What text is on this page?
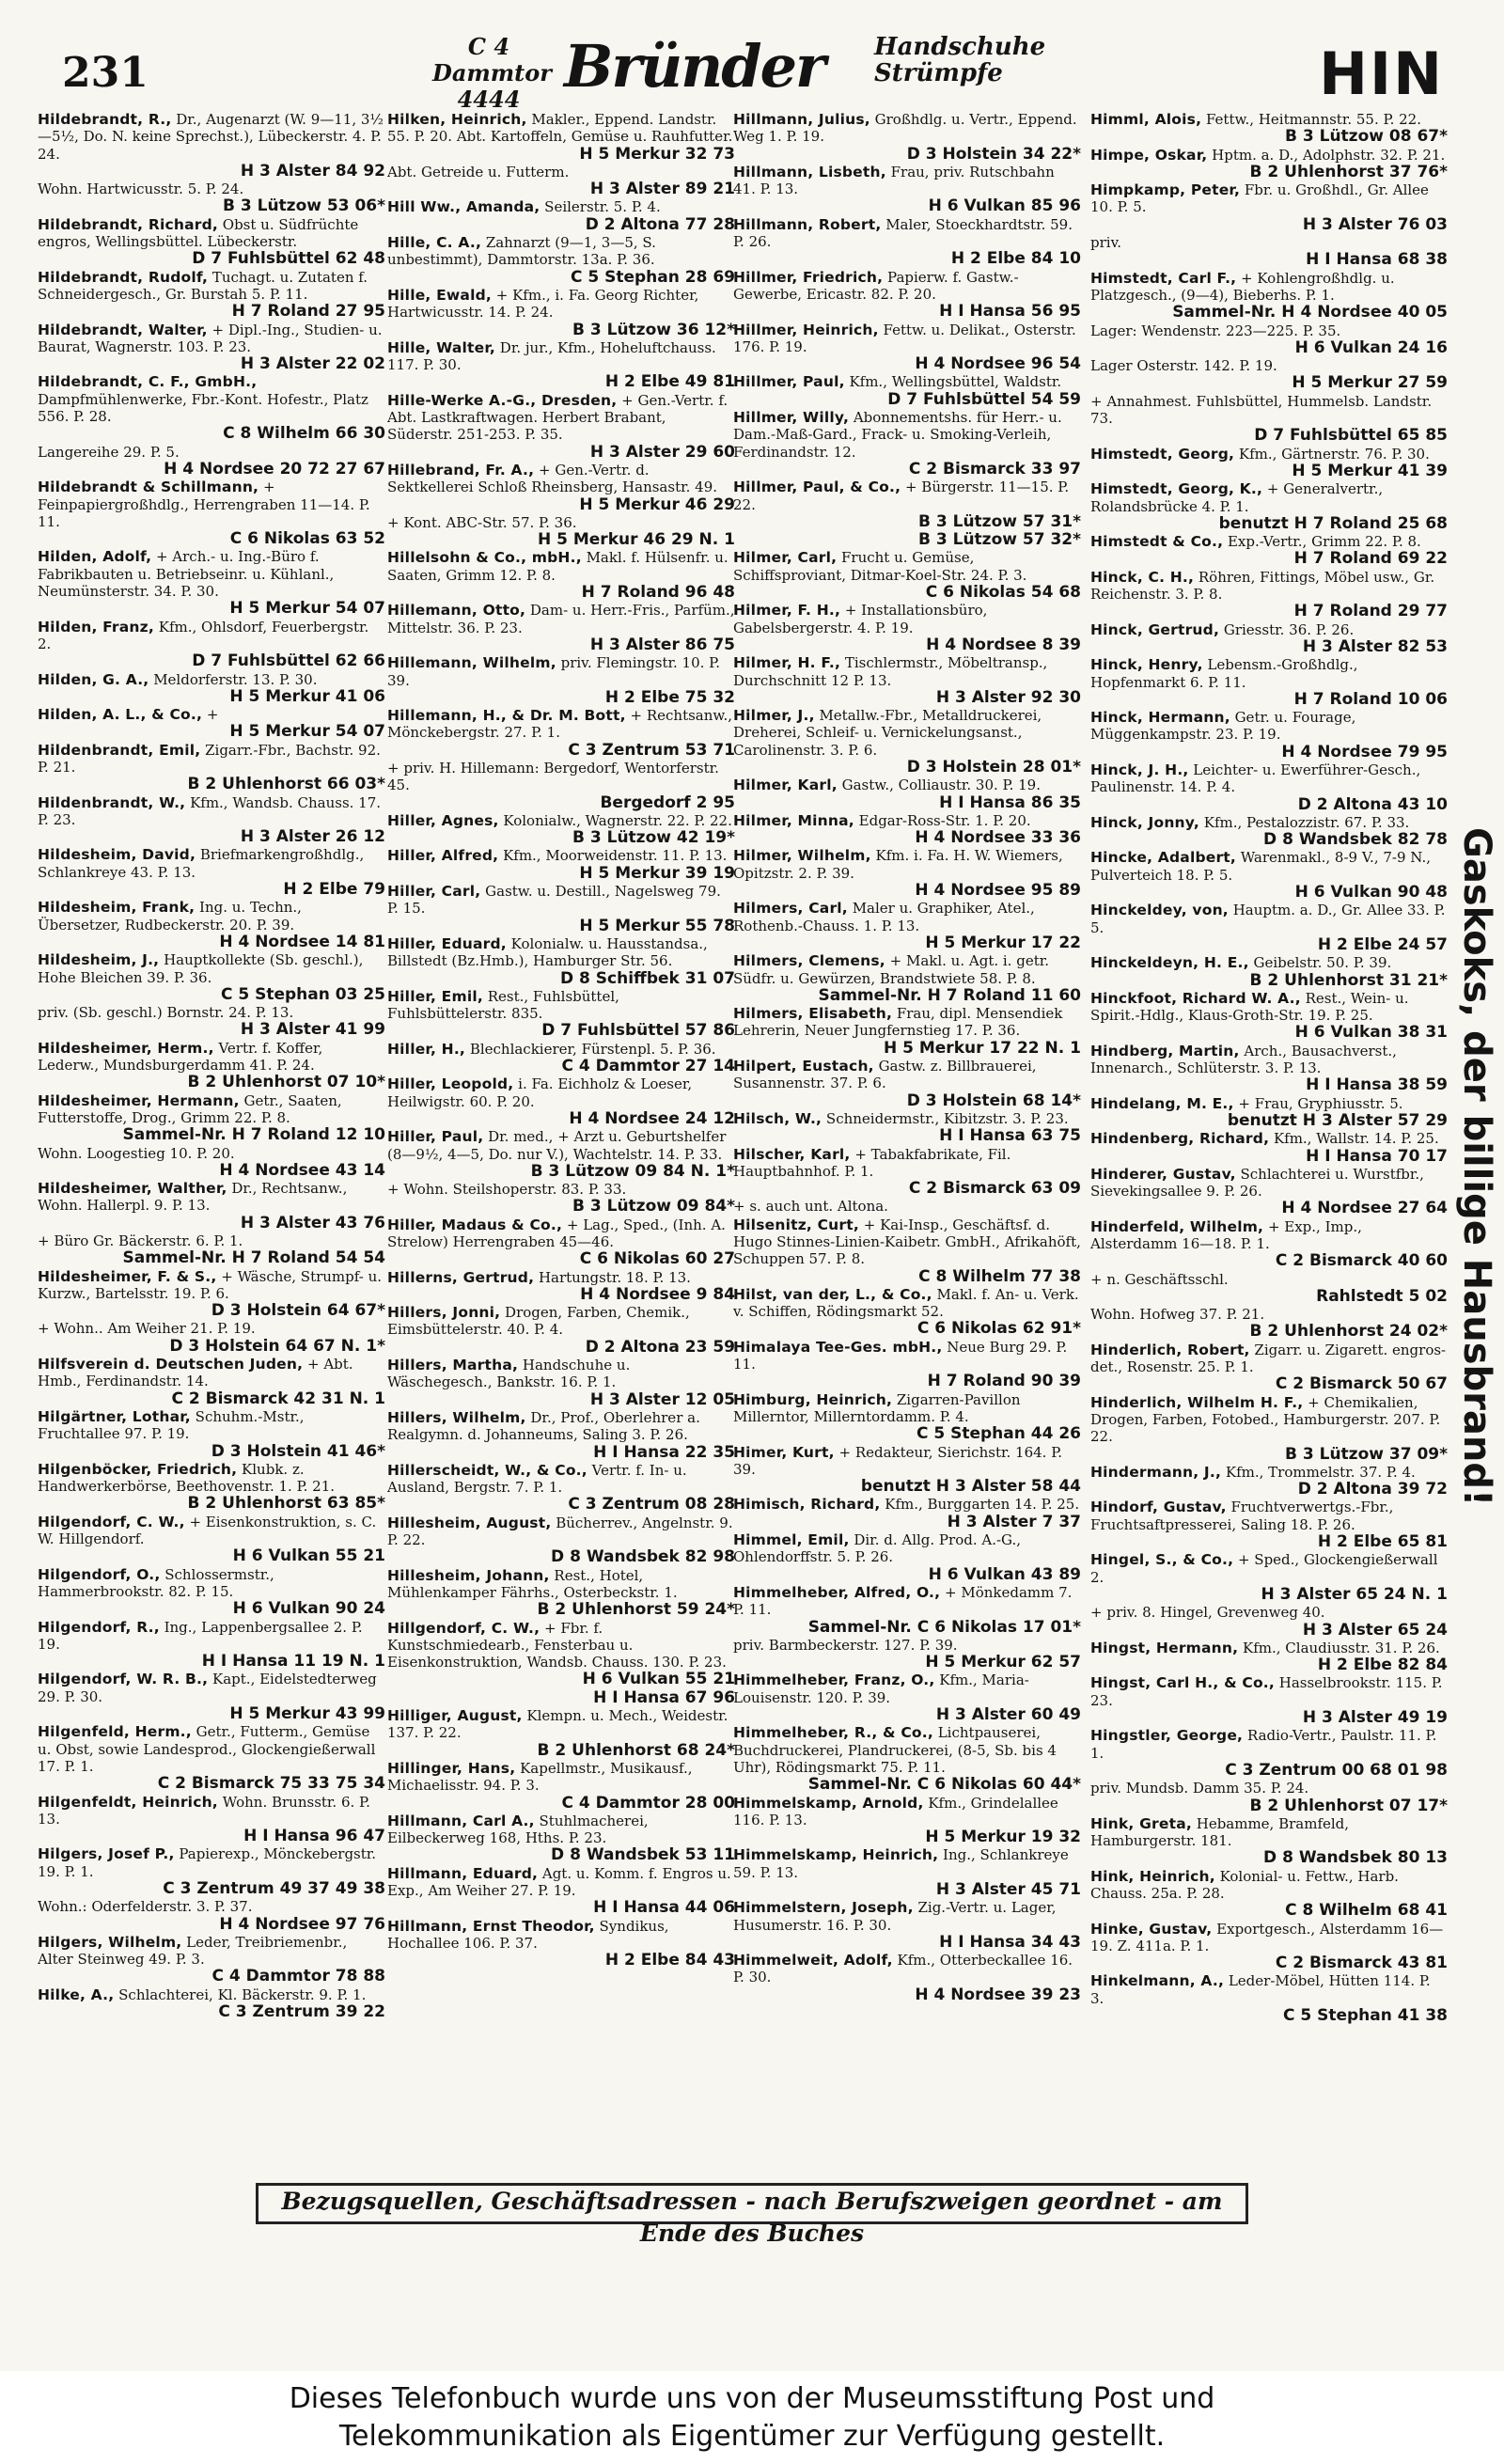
231
C 4 Dammtor
4444 Bründer Handschuhe
Strümpfe	HIN
Hildebrandt, R., Dr., Augenarzt (W. 9—11, 3½—5½, Do. N. keine Sprechst.), Lübeckerstr. 4. P. 24.
H 3 Alster 84 92
Wohn. Hartwicusstr. 5. P. 24.
B 3 Lützow 53 06*
Hildebrandt, Richard, Obst u. Südfrüchte engros, Wellingsbüttel. Lübeckerstr.
D 7 Fuhlsbüttel 62 48
Hildebrandt, Rudolf, Tuchagt. u. Zutaten f. Schneidergesch., Gr. Burstah 5. P. 11.
H 7 Roland 27 95
Hildebrandt, Walter, + Dipl.-Ing., Studien- u. Baurat, Wagnerstr. 103. P. 23.
H 3 Alster 22 02
Hildebrandt, C. F., GmbH., Dampfmühlenwerke, Fbr.-Kont. Hofestr., Platz 556. P. 28.
C 8 Wilhelm 66 30
Langereihe 29. P. 5.
H 4 Nordsee 20 72 27 67
Hildebrandt & Schillmann, + Feinpapiergroßhdlg., Herrengraben 11—14. P. 11.
C 6 Nikolas 63 52
Hilden, Adolf, + Arch.- u. Ing.-Büro f. Fabrikbauten u. Betriebseinr. u. Kühlanl., Neumünsterstr. 34. P. 30.
H 5 Merkur 54 07
Hilden, Franz, Kfm., Ohlsdorf, Feuerbergstr. 2.
D 7 Fuhlsbüttel 62 66
Hilden, G. A., Meldorferstr. 13. P. 30.
H 5 Merkur 41 06
Hilden, A. L., & Co., +
H 5 Merkur 54 07
Hildenbrandt, Emil, Zigarr.-Fbr., Bachstr. 92. P. 21.
B 2 Uhlenhorst 66 03*
Hildenbrandt, W., Kfm., Wandsb. Chauss. 17. P. 23.
H 3 Alster 26 12
Hildesheim, David, Briefmarkengroßhdlg., Schlankreye 43. P. 13.
H 2 Elbe 79
Hildesheim, Frank, Ing. u. Techn., Übersetzer, Rudbeckerstr. 20. P. 39.
H 4 Nordsee 14 81
Hildesheim, J., Hauptkollekte (Sb. geschl.), Hohe Bleichen 39. P. 36.
C 5 Stephan 03 25
priv. (Sb. geschl.) Bornstr. 24. P. 13.
H 3 Alster 41 99
Hildesheimer, Herm., Vertr. f. Koffer, Lederw., Mundsburgerdamm 41. P. 24.
B 2 Uhlenhorst 07 10*
Hildesheimer, Hermann, Getr., Saaten, Futterstoffe, Drog., Grimm 22. P. 8.
Sammel-Nr. H 7 Roland 12 10
Wohn. Loogestieg 10. P. 20.
H 4 Nordsee 43 14
Hildesheimer, Walther, Dr., Rechtsanw., Wohn. Hallerpl. 9. P. 13.
H 3 Alster 43 76
+ Büro Gr. Bäckerstr. 6. P. 1.
Sammel-Nr. H 7 Roland 54 54
Hildesheimer, F. & S., + Wäsche, Strumpf- u. Kurzw., Bartelsstr. 19. P. 6.
D 3 Holstein 64 67*
+ Wohn.. Am Weiher 21. P. 19.
D 3 Holstein 64 67 N. 1*
Hilfsverein d. Deutschen Juden, + Abt. Hmb., Ferdinandstr. 14.
C 2 Bismarck 42 31 N. 1
Hilgärtner, Lothar, Schuhm.-Mstr., Fruchtallee 97. P. 19.
D 3 Holstein 41 46*
Hilgenböcker, Friedrich, Klubk. z. Handwerkerbörse, Beethovenstr. 1. P. 21.
B 2 Uhlenhorst 63 85*
Hilgendorf, C. W., + Eisenkonstruktion, s. C. W. Hillgendorf.
H 6 Vulkan 55 21
Hilgendorf, O., Schlossermstr., Hammerbrookstr. 82. P. 15.
H 6 Vulkan 90 24
Hilgendorf, R., Ing., Lappenbergsallee 2. P. 19.
H I Hansa 11 19 N. 1
Hilgendorf, W. R. B., Kapt., Eidelstedterweg 29. P. 30.
H 5 Merkur 43 99
Hilgenfeld, Herm., Getr., Futterm., Gemüse u. Obst, sowie Landesprod., Glockengießerwall 17. P. 1.
C 2 Bismarck 75 33 75 34
Hilgenfeldt, Heinrich, Wohn. Brunsstr. 6. P. 13.
H I Hansa 96 47
Hilgers, Josef P., Papierexp., Mönckebergstr. 19. P. 1.
C 3 Zentrum 49 37 49 38
Wohn.: Oderfelderstr. 3. P. 37.
H 4 Nordsee 97 76
Hilgers, Wilhelm, Leder, Treibriemenbr., Alter Steinweg 49. P. 3.
C 4 Dammtor 78 88
Hilke, A., Schlachterei, Kl. Bäckerstr. 9. P. 1.
C 3 Zentrum 39 22
Hilken, Heinrich, Makler., Eppend. Landstr. 55. P. 20. Abt. Kartoffeln, Gemüse u. Rauhfutter.
H 5 Merkur 32 73
Abt. Getreide u. Futterm.
H 3 Alster 89 21
Hill Ww., Amanda, Seilerstr. 5. P. 4.
D 2 Altona 77 28
Hille, C. A., Zahnarzt (9—1, 3—5, S. unbestimmt), Dammtorstr. 13a. P. 36.
C 5 Stephan 28 69
Hille, Ewald, + Kfm., i. Fa. Georg Richter, Hartwicusstr. 14. P. 24.
B 3 Lützow 36 12*
Hille, Walter, Dr. jur., Kfm., Hoheluftchauss. 117. P. 30.
H 2 Elbe 49 81
Hille-Werke A.-G., Dresden, + Gen.-Vertr. f. Abt. Lastkraftwagen. Herbert Brabant, Süderstr. 251-253. P. 35.
H 3 Alster 29 60
Hillebrand, Fr. A., + Gen.-Vertr. d. Sektkellerei Schloß Rheinsberg, Hansastr. 49.
H 5 Merkur 46 29
+ Kont. ABC-Str. 57. P. 36.
H 5 Merkur 46 29 N. 1
Hillelsohn & Co., mbH., Makl. f. Hülsenfr. u. Saaten, Grimm 12. P. 8.
H 7 Roland 96 48
Hillemann, Otto, Dam- u. Herr.-Fris., Parfüm., Mittelstr. 36. P. 23.
H 3 Alster 86 75
Hillemann, Wilhelm, priv. Flemingstr. 10. P. 39.
H 2 Elbe 75 32
Hillemann, H., & Dr. M. Bott, + Rechtsanw., Mönckebergstr. 27. P. 1.
C 3 Zentrum 53 71
+ priv. H. Hillemann: Bergedorf, Wentorferstr. 45.
Bergedorf 2 95
Hiller, Agnes, Kolonialw., Wagnerstr. 22. P. 22.
B 3 Lützow 42 19*
Hiller, Alfred, Kfm., Moorweidenstr. 11. P. 13.
H 5 Merkur 39 19
Hiller, Carl, Gastw. u. Destill., Nagelsweg 79. P. 15.
H 5 Merkur 55 78
Hiller, Eduard, Kolonialw. u. Hausstandsa., Billstedt (Bz.Hmb.), Hamburger Str. 56.
D 8 Schiffbek 31 07
Hiller, Emil, Rest., Fuhlsbüttel, Fuhlsbüttelerstr. 835.
D 7 Fuhlsbüttel 57 86
Hiller, H., Blechlackierer, Fürstenpl. 5. P. 36.
C 4 Dammtor 27 14
Hiller, Leopold, i. Fa. Eichholz & Loeser, Heilwigstr. 60. P. 20.
H 4 Nordsee 24 12
Hiller, Paul, Dr. med., + Arzt u. Geburtshelfer (8—9½, 4—5, Do. nur V.), Wachtelstr. 14. P. 33.
B 3 Lützow 09 84 N. 1*
+ Wohn. Steilshoperstr. 83. P. 33.
B 3 Lützow 09 84*
Hiller, Madaus & Co., + Lag., Sped., (Inh. A. Strelow) Herrengraben 45—46.
C 6 Nikolas 60 27
Hillerns, Gertrud, Hartungstr. 18. P. 13.
H 4 Nordsee 9 84
Hillers, Jonni, Drogen, Farben, Chemik., Eimsbüttelerstr. 40. P. 4.
D 2 Altona 23 59
Hillers, Martha, Handschuhe u. Wäschegesch., Bankstr. 16. P. 1.
H 3 Alster 12 05
Hillers, Wilhelm, Dr., Prof., Oberlehrer a. Realgymn. d. Johanneums, Saling 3. P. 26.
H I Hansa 22 35
Hillerscheidt, W., & Co., Vertr. f. In- u. Ausland, Bergstr. 7. P. 1.
C 3 Zentrum 08 28
Hillesheim, August, Bücherrev., Angelnstr. 9. P. 22.
D 8 Wandsbek 82 98
Hillesheim, Johann, Rest., Hotel, Mühlenkamper Fährhs., Osterbeckstr. 1.
B 2 Uhlenhorst 59 24*
Hillgendorf, C. W., + Fbr. f. Kunstschmiedearb., Fensterbau u. Eisenkonstruktion, Wandsb. Chauss. 130. P. 23.
H 6 Vulkan 55 21
H I Hansa 67 96
Hilliger, August, Klempn. u. Mech., Weidestr. 137. P. 22.
B 2 Uhlenhorst 68 24*
Hillinger, Hans, Kapellmstr., Musikausf., Michaelisstr. 94. P. 3.
C 4 Dammtor 28 00
Hillmann, Carl A., Stuhlmacherei, Eilbeckerweg 168, Hths. P. 23.
D 8 Wandsbek 53 11
Hillmann, Eduard, Agt. u. Komm. f. Engros u. Exp., Am Weiher 27. P. 19.
H I Hansa 44 06
Hillmann, Ernst Theodor, Syndikus, Hochallee 106. P. 37.
H 2 Elbe 84 43
Hillmann, Julius, Großhdlg. u. Vertr., Eppend. Weg 1. P. 19.
D 3 Holstein 34 22*
Hillmann, Lisbeth, Frau, priv. Rutschbahn 41. P. 13.
H 6 Vulkan 85 96
Hillmann, Robert, Maler, Stoeckhardtstr. 59. P. 26.
H 2 Elbe 84 10
Hillmer, Friedrich, Papierw. f. Gastw.-Gewerbe, Ericastr. 82. P. 20.
H I Hansa 56 95
Hillmer, Heinrich, Fettw. u. Delikat., Osterstr. 176. P. 19.
H 4 Nordsee 96 54
Hillmer, Paul, Kfm., Wellingsbüttel, Waldstr.
D 7 Fuhlsbüttel 54 59
Hillmer, Willy, Abonnementshs. für Herr.- u. Dam.-Maß-Gard., Frack- u. Smoking-Verleih, Ferdinandstr. 12.
C 2 Bismarck 33 97
Hillmer, Paul, & Co., + Bürgerstr. 11—15. P. 22.
B 3 Lützow 57 31*
B 3 Lützow 57 32*
Hilmer, Carl, Frucht u. Gemüse, Schiffsproviant, Ditmar-Koel-Str. 24. P. 3.
C 6 Nikolas 54 68
Hilmer, F. H., + Installationsbüro, Gabelsbergerstr. 4. P. 19.
H 4 Nordsee 8 39
Hilmer, H. F., Tischlermstr., Möbeltransp., Durchschnitt 12 P. 13.
H 3 Alster 92 30
Hilmer, J., Metallw.-Fbr., Metalldruckerei, Dreherei, Schleif- u. Vernickelungsanst., Carolinenstr. 3. P. 6.
D 3 Holstein 28 01*
Hilmer, Karl, Gastw., Colliaustr. 30. P. 19.
H I Hansa 86 35
Hilmer, Minna, Edgar-Ross-Str. 1. P. 20.
H 4 Nordsee 33 36
Hilmer, Wilhelm, Kfm. i. Fa. H. W. Wiemers, Opitzstr. 2. P. 39.
H 4 Nordsee 95 89
Hilmers, Carl, Maler u. Graphiker, Atel., Rothenb.-Chauss. 1. P. 13.
H 5 Merkur 17 22
Hilmers, Clemens, + Makl. u. Agt. i. getr. Südfr. u. Gewürzen, Brandstwiete 58. P. 8.
Sammel-Nr. H 7 Roland 11 60
Hilmers, Elisabeth, Frau, dipl. Mensendiek Lehrerin, Neuer Jungfernstieg 17. P. 36.
H 5 Merkur 17 22 N. 1
Hilpert, Eustach, Gastw. z. Billbrauerei, Susannenstr. 37. P. 6.
D 3 Holstein 68 14*
Hilsch, W., Schneidermstr., Kibitzstr. 3. P. 23.
H I Hansa 63 75
Hilscher, Karl, + Tabakfabrikate, Fil. Hauptbahnhof. P. 1.
C 2 Bismarck 63 09
+ s. auch unt. Altona.
Hilsenitz, Curt, + Kai-Insp., Geschäftsf. d. Hugo Stinnes-Linien-Kaibetr. GmbH., Afrikahöft, Schuppen 57. P. 8.
C 8 Wilhelm 77 38
Hilst, van der, L., & Co., Makl. f. An- u. Verk. v. Schiffen, Rödingsmarkt 52.
C 6 Nikolas 62 91*
Himalaya Tee-Ges. mbH., Neue Burg 29. P. 11.
H 7 Roland 90 39
Himburg, Heinrich, Zigarren-Pavillon Millerntor, Millerntordamm. P. 4.
C 5 Stephan 44 26
Himer, Kurt, + Redakteur, Sierichstr. 164. P. 39.
benutzt H 3 Alster 58 44
Himisch, Richard, Kfm., Burggarten 14. P. 25.
H 3 Alster 7 37
Himmel, Emil, Dir. d. Allg. Prod. A.-G., Ohlendorffstr. 5. P. 26.
H 6 Vulkan 43 89
Himmelheber, Alfred, O., + Mönkedamm 7. P. 11.
Sammel-Nr. C 6 Nikolas 17 01*
priv. Barmbeckerstr. 127. P. 39.
H 5 Merkur 62 57
Himmelheber, Franz, O., Kfm., Maria-Louisenstr. 120. P. 39.
H 3 Alster 60 49
Himmelheber, R., & Co., Lichtpauserei, Buchdruckerei, Plandruckerei, (8-5, Sb. bis 4 Uhr), Rödingsmarkt 75. P. 11.
Sammel-Nr. C 6 Nikolas 60 44*
Himmelskamp, Arnold, Kfm., Grindelallee 116. P. 13.
H 5 Merkur 19 32
Himmelskamp, Heinrich, Ing., Schlankreye 59. P. 13.
H 3 Alster 45 71
Himmelstern, Joseph, Zig.-Vertr. u. Lager, Husumerstr. 16. P. 30.
H I Hansa 34 43
Himmelweit, Adolf, Kfm., Otterbeckallee 16. P. 30.
H 4 Nordsee 39 23
Himml, Alois, Fettw., Heitmannstr. 55. P. 22.
B 3 Lützow 08 67*
Himpe, Oskar, Hptm. a. D., Adolphstr. 32. P. 21.
B 2 Uhlenhorst 37 76*
Himpkamp, Peter, Fbr. u. Großhdl., Gr. Allee 10. P. 5.
H 3 Alster 76 03
priv.
H I Hansa 68 38
Himstedt, Carl F., + Kohlengroßhdlg. u. Platzgesch., (9—4), Bieberhs. P. 1.
Sammel-Nr. H 4 Nordsee 40 05
Lager: Wendenstr. 223—225. P. 35.
H 6 Vulkan 24 16
Lager Osterstr. 142. P. 19.
H 5 Merkur 27 59
+ Annahmest. Fuhlsbüttel, Hummelsb. Landstr. 73.
D 7 Fuhlsbüttel 65 85
Himstedt, Georg, Kfm., Gärtnerstr. 76. P. 30.
H 5 Merkur 41 39
Himstedt, Georg, K., + Generalvertr., Rolandsbrücke 4. P. 1.
benutzt H 7 Roland 25 68
Himstedt & Co., Exp.-Vertr., Grimm 22. P. 8.
H 7 Roland 69 22
Hinck, C. H., Röhren, Fittings, Möbel usw., Gr. Reichenstr. 3. P. 8.
H 7 Roland 29 77
Hinck, Gertrud, Griesstr. 36. P. 26.
H 3 Alster 82 53
Hinck, Henry, Lebensm.-Großhdlg., Hopfenmarkt 6. P. 11.
H 7 Roland 10 06
Hinck, Hermann, Getr. u. Fourage, Müggenkampstr. 23. P. 19.
H 4 Nordsee 79 95
Hinck, J. H., Leichter- u. Ewerführer-Gesch., Paulinenstr. 14. P. 4.
D 2 Altona 43 10
Hinck, Jonny, Kfm., Pestalozzistr. 67. P. 33.
D 8 Wandsbek 82 78
Hincke, Adalbert, Warenmakl., 8-9 V., 7-9 N., Pulverteich 18. P. 5.
H 6 Vulkan 90 48
Hinckeldey, von, Hauptm. a. D., Gr. Allee 33. P. 5.
H 2 Elbe 24 57
Hinckeldeyn, H. E., Geibelstr. 50. P. 39.
B 2 Uhlenhorst 31 21*
Hinckfoot, Richard W. A., Rest., Wein- u. Spirit.-Hdlg., Klaus-Groth-Str. 19. P. 25.
H 6 Vulkan 38 31
Hindberg, Martin, Arch., Bausachverst., Innenarch., Schlüterstr. 3. P. 13.
H I Hansa 38 59
Hindelang, M. E., + Frau, Gryphiusstr. 5.
benutzt H 3 Alster 57 29
Hindenberg, Richard, Kfm., Wallstr. 14. P. 25.
H I Hansa 70 17
Hinderer, Gustav, Schlachterei u. Wurstfbr., Sievekingsallee 9. P. 26.
H 4 Nordsee 27 64
Hinderfeld, Wilhelm, + Exp., Imp., Alsterdamm 16—18. P. 1.
C 2 Bismarck 40 60
+ n. Geschäftsschl.
Rahlstedt 5 02
Wohn. Hofweg 37. P. 21.
B 2 Uhlenhorst 24 02*
Hinderlich, Robert, Zigarr. u. Zigarett. engros-det., Rosenstr. 25. P. 1.
C 2 Bismarck 50 67
Hinderlich, Wilhelm H. F., + Chemikalien, Drogen, Farben, Fotobed., Hamburgerstr. 207. P. 22.
B 3 Lützow 37 09*
Hindermann, J., Kfm., Trommelstr. 37. P. 4.
D 2 Altona 39 72
Hindorf, Gustav, Fruchtverwertgs.-Fbr., Fruchtsaftpresserei, Saling 18. P. 26.
H 2 Elbe 65 81
Hingel, S., & Co., + Sped., Glockengießerwall 2.
H 3 Alster 65 24 N. 1
+ priv. 8. Hingel, Grevenweg 40.
H 3 Alster 65 24
Hingst, Hermann, Kfm., Claudiusstr. 31. P. 26.
H 2 Elbe 82 84
Hingst, Carl H., & Co., Hasselbrookstr. 115. P. 23.
H 3 Alster 49 19
Hingstler, George, Radio-Vertr., Paulstr. 11. P. 1.
C 3 Zentrum 00 68 01 98
priv. Mundsb. Damm 35. P. 24.
B 2 Uhlenhorst 07 17*
Hink, Greta, Hebamme, Bramfeld, Hamburgerstr. 181.
D 8 Wandsbek 80 13
Hink, Heinrich, Kolonial- u. Fettw., Harb. Chauss. 25a. P. 28.
C 8 Wilhelm 68 41
Hinke, Gustav, Exportgesch., Alsterdamm 16—19. Z. 411a. P. 1.
C 2 Bismarck 43 81
Hinkelmann, A., Leder-Möbel, Hütten 114. P. 3.
C 5 Stephan 41 38
Gaskoks, der billige Hausbrand!
Bezugsquellen, Geschäftsadressen - nach Berufszweigen geordnet - am Ende des Buches
Dieses Telefonbuch wurde uns von der Museumsstiftung Post und
Telekommunikation als Eigentümer zur Verfügung gestellt.
